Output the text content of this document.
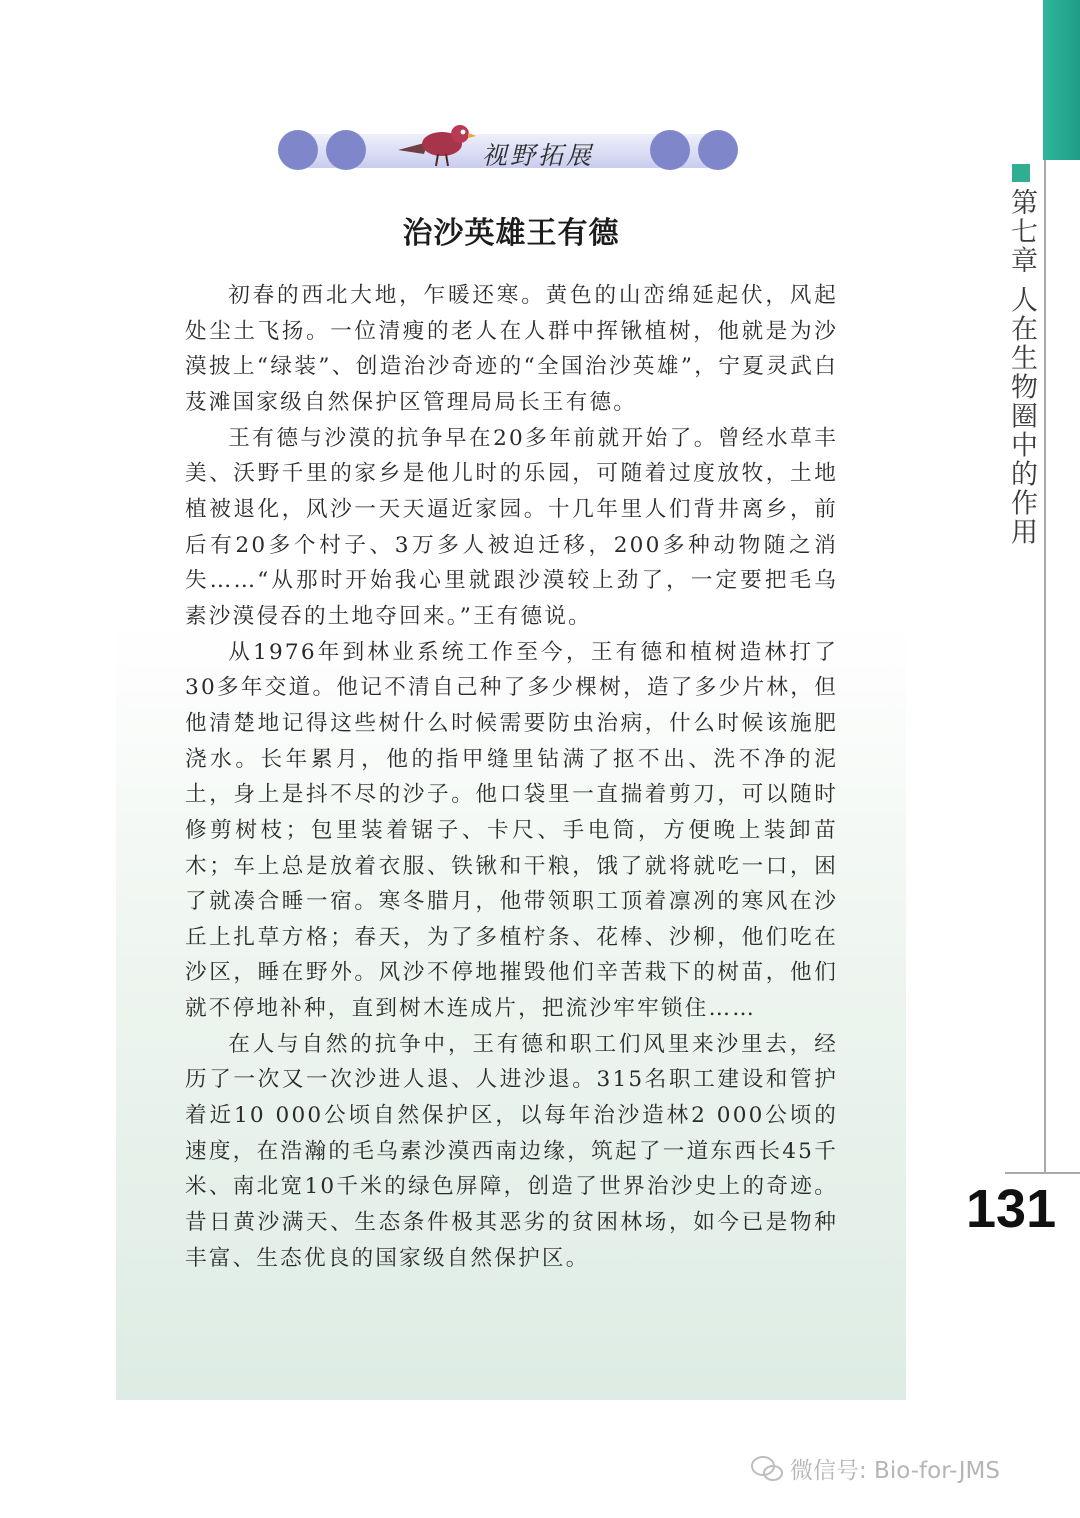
视野拓展
治沙英雄王有德

初春的西北大地，乍暖还寒。黄色的山峦绵延起伏，风起处尘土飞扬。一位清瘦的老人在人群中挥锹植树，他就是为沙漠披上“绿装”、创造治沙奇迹的“全国治沙英雄”，宁夏灵武白芨滩国家级自然保护区管理局局长王有德。

王有德与沙漠的抗争早在20多年前就开始了。曾经水草丰美、沃野千里的家乡是他儿时的乐园，可随着过度放牧，土地植被退化，风沙一天天逼近家园。十几年里人们背井离乡，前后有20多个村子、3万多人被迫迁移，200多种动物随之消失……“从那时开始我心里就跟沙漠较上劲了，一定要把毛乌素沙漠侵吞的土地夺回来。”王有德说。

从1976年到林业系统工作至今，王有德和植树造林打了30多年交道。他记不清自己种了多少棵树，造了多少片林，但他清楚地记得这些树什么时候需要防虫治病，什么时候该施肥浇水。长年累月，他的指甲缝里钻满了抠不出、洗不净的泥土，身上是抖不尽的沙子。他口袋里一直揣着剪刀，可以随时修剪树枝；包里装着锯子、卡尺、手电筒，方便晚上装卸苗木；车上总是放着衣服、铁锹和干粮，饿了就将就吃一口，困了就凑合睡一宿。寒冬腊月，他带领职工顶着凛冽的寒风在沙丘上扎草方格；春天，为了多植柠条、花棒、沙柳，他们吃在沙区，睡在野外。风沙不停地摧毁他们辛苦栽下的树苗，他们就不停地补种，直到树木连成片，把流沙牢牢锁住……

在人与自然的抗争中，王有德和职工们风里来沙里去，经历了一次又一次沙进人退、人进沙退。315名职工建设和管护着近10 000公顷自然保护区，以每年治沙造林2 000公顷的速度，在浩瀚的毛乌素沙漠西南边缘，筑起了一道东西长45千米、南北宽10千米的绿色屏障，创造了世界治沙史上的奇迹。昔日黄沙满天、生态条件极其恶劣的贫困林场，如今已是物种丰富、生态优良的国家级自然保护区。

第七章 人在生物圈中的作用
131
微信号: Bio-for-JMS
